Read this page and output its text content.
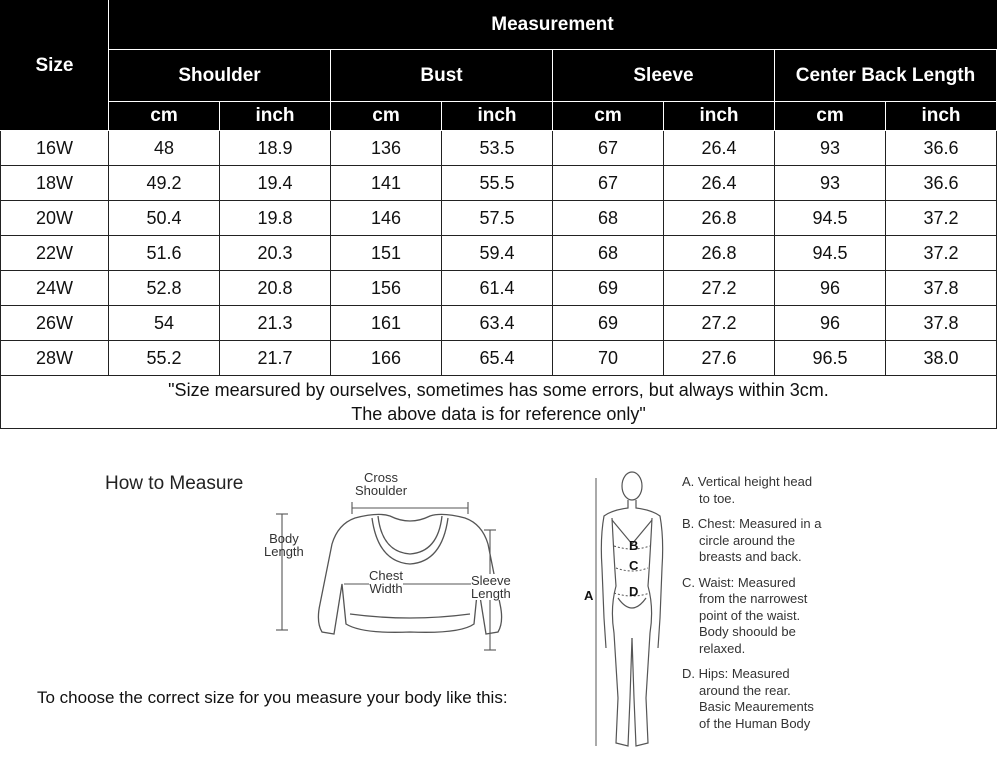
Size	Measurement							
	Shoulder		Bust		Sleeve		Center Back Length	
	cm	inch	cm	inch	cm	inch	cm	inch
16W	48	18.9	136	53.5	67	26.4	93	36.6
18W	49.2	19.4	141	55.5	67	26.4	93	36.6
20W	50.4	19.8	146	57.5	68	26.8	94.5	37.2
22W	51.6	20.3	151	59.4	68	26.8	94.5	37.2
24W	52.8	20.8	156	61.4	69	27.2	96	37.8
26W	54	21.3	161	63.4	69	27.2	96	37.8
28W	55.2	21.7	166	65.4	70	27.6	96.5	38.0

"Size mearsured by ourselves, sometimes has some errors, but always within 3cm.
The above data is for reference only"								
How to Measure	Cross
Shoulder
Body
Length
Chest
Width
Sleeve
Length
To choose the correct size for you measure your body like this:
A
B
C
D
A. Vertical height head
to toe.
B. Chest: Measured in a
circle around the
breasts and back.
C. Waist: Measured
from the narrowest
point of the waist.
Body shoould be
relaxed.
D. Hips: Measured
around the rear.
Basic Meaurements
of the Human Body
